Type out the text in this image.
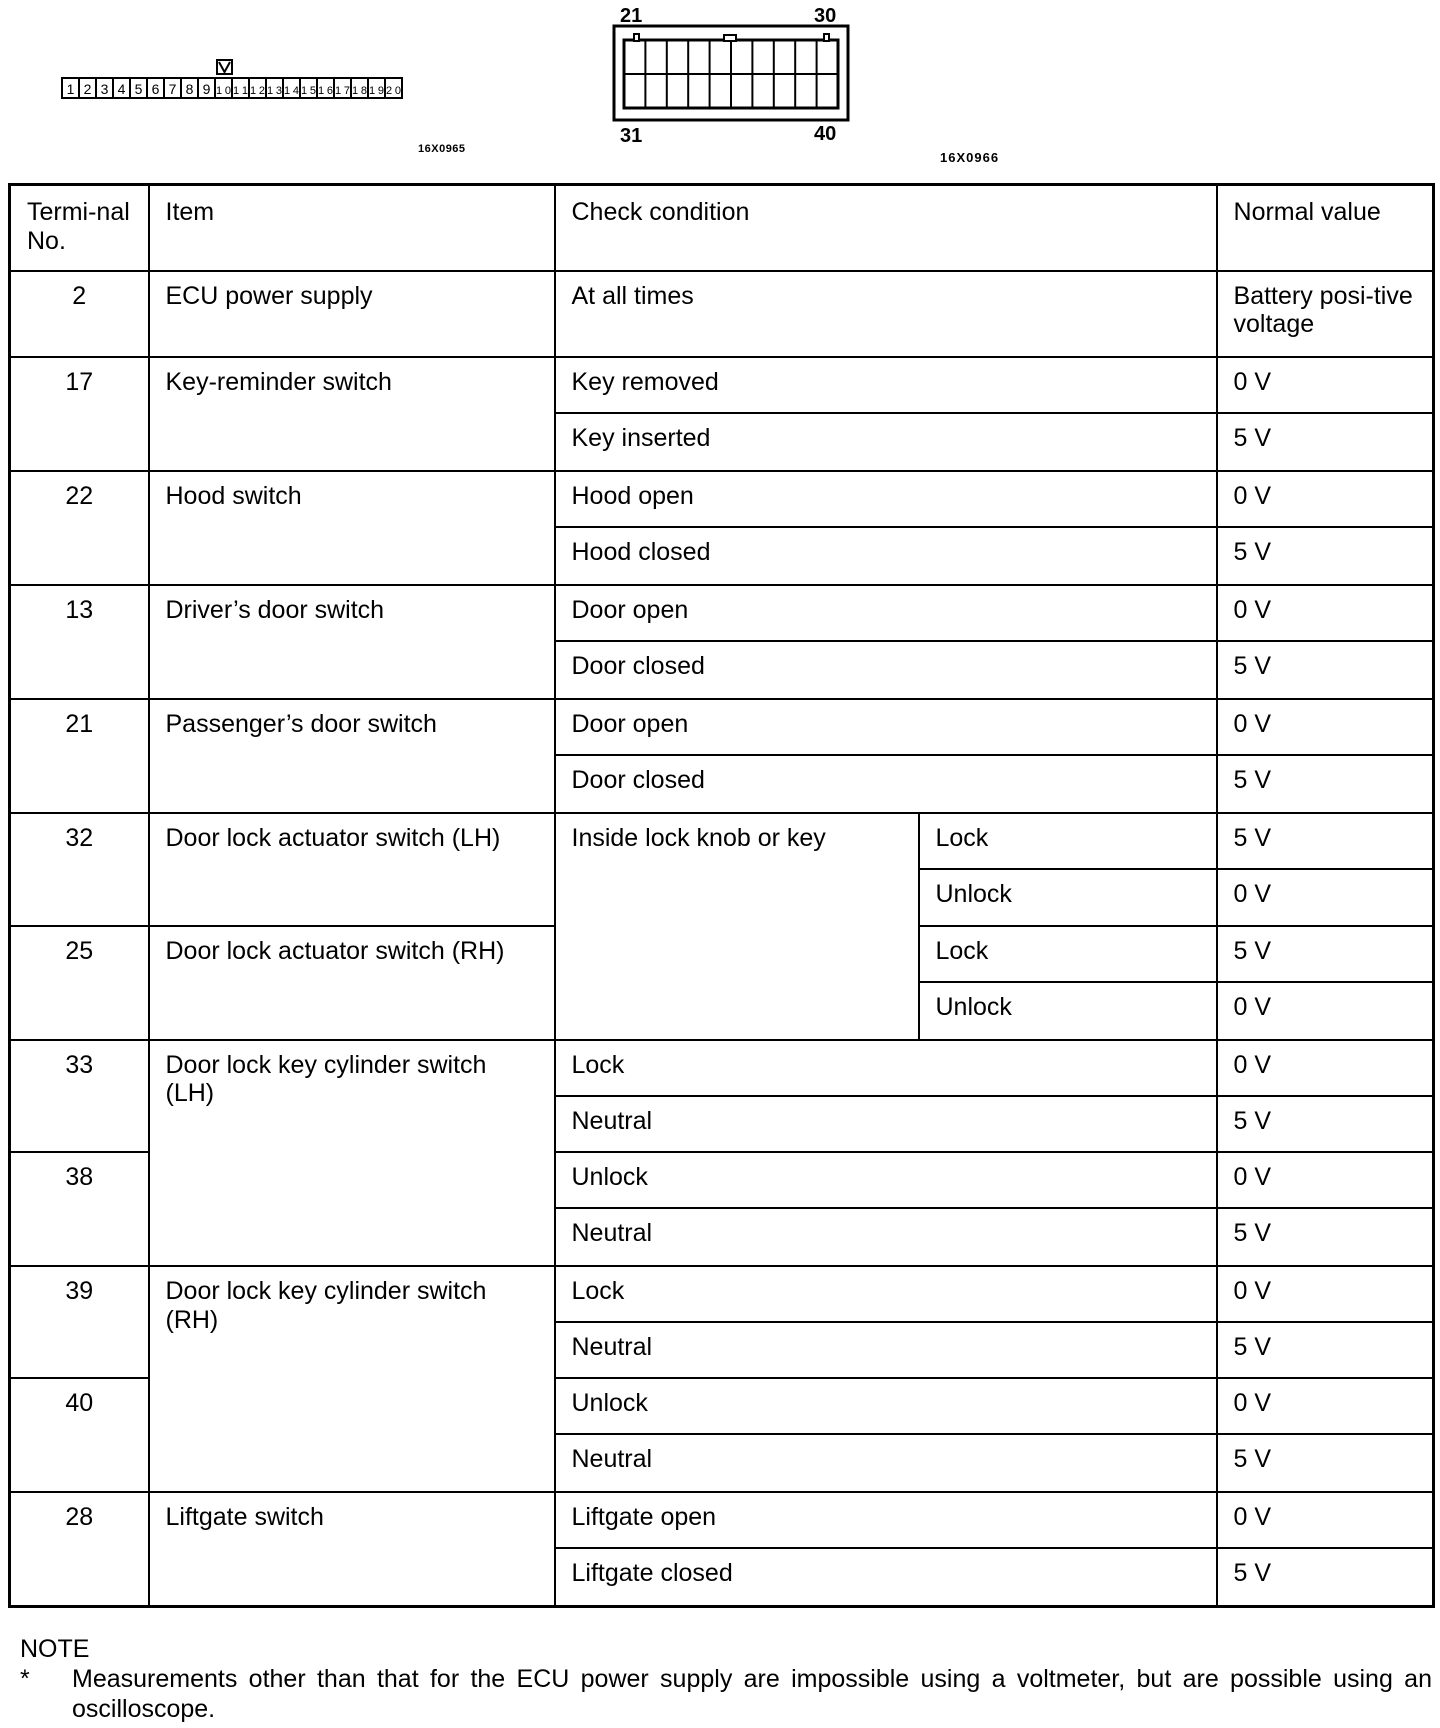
1 2 3 4 5 6 7 8 9 10 11 12 13 14 15 16 17 18 19 20
16X0965
21	30
31	40
16X0966
Termi-nal No.	Item	Check condition		Normal value
2	ECU power supply	At all times		Battery posi-tive voltage
17	Key-reminder switch	Key removed		0 V
		Key inserted		5 V
22	Hood switch	Hood open		0 V
		Hood closed		5 V
13	Driver’s door switch	Door open		0 V
		Door closed		5 V
21	Passenger’s door switch	Door open		0 V
		Door closed		5 V
32	Door lock actuator switch (LH)	Inside lock knob or key	Lock	5 V
			Unlock	0 V
25	Door lock actuator switch (RH)		Lock	5 V
			Unlock	0 V
33	Door lock key cylinder switch (LH)	Lock		0 V
		Neutral		5 V
38		Unlock		0 V
		Neutral		5 V
39	Door lock key cylinder switch (RH)	Lock		0 V
		Neutral		5 V
40		Unlock		0 V
		Neutral		5 V
28	Liftgate switch	Liftgate open		0 V
		Liftgate closed		5 V
NOTE
*	Measurements other than that for the ECU power supply are impossible using a voltmeter, but are possible using an oscilloscope.
